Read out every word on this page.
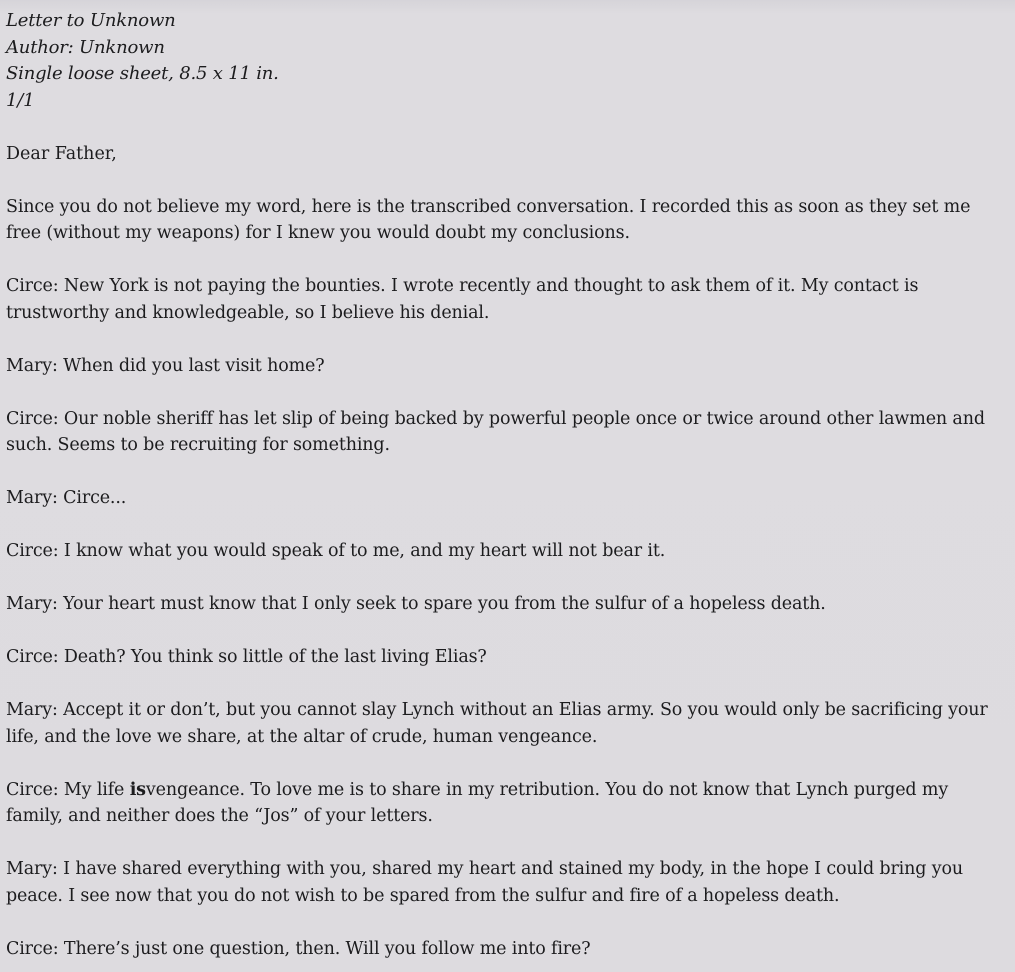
Letter to Unknown

Author: Unknown

Single loose sheet, 8.5 x 11 in.

1/1

Dear Father,

Since you do not believe my word, here is the transcribed conversation. I recorded this as soon as they set me free (without my weapons) for I knew you would doubt my conclusions.

Circe: New York is not paying the bounties. I wrote recently and thought to ask them of it. My contact is trustworthy and knowledgeable, so I believe his denial.

Mary: When did you last visit home?

Circe: Our noble sheriff has let slip of being backed by powerful people once or twice around other lawmen and such. Seems to be recruiting for something.

Mary: Circe...

Circe: I know what you would speak of to me, and my heart will not bear it.

Mary: Your heart must know that I only seek to spare you from the sulfur of a hopeless death.

Circe: Death? You think so little of the last living Elias?

Mary: Accept it or don’t, but you cannot slay Lynch without an Elias army. So you would only be sacrificing your life, and the love we share, at the altar of crude, human vengeance.

Circe: My life isvengeance. To love me is to share in my retribution. You do not know that Lynch purged my family, and neither does the “Jos” of your letters.

Mary: I have shared everything with you, shared my heart and stained my body, in the hope I could bring you peace. I see now that you do not wish to be spared from the sulfur and fire of a hopeless death.

Circe: There’s just one question, then. Will you follow me into fire?
